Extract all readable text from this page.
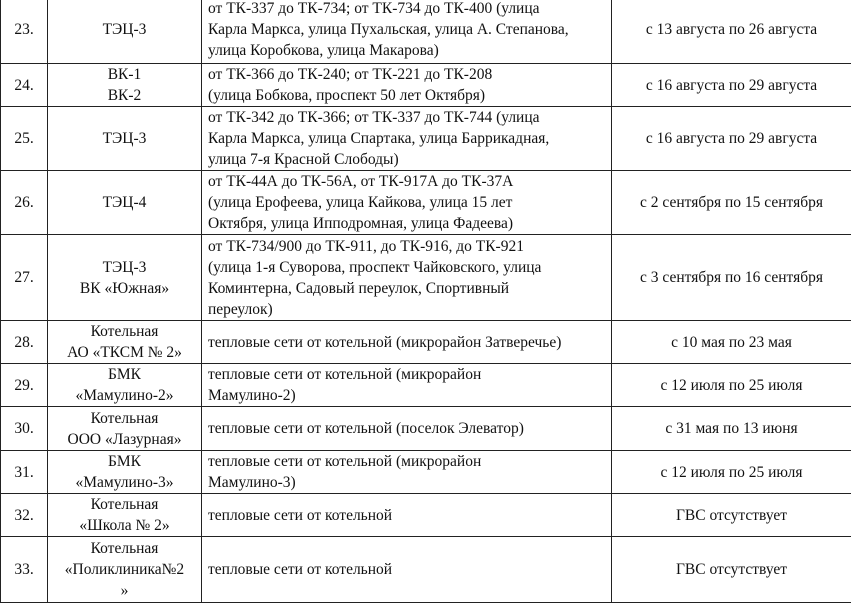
23.	ТЭЦ-3	от ТК-337 до ТК-734; от ТК-734 до ТК-400 (улица
Карла Маркса, улица Пухальская, улица А. Степанова,
улица Коробкова, улица Макарова)	с 13 августа по 26 августа
24.	ВК-1
ВК-2	от ТК-366 до ТК-240; от ТК-221 до ТК-208
(улица Бобкова, проспект 50 лет Октября)	с 16 августа по 29 августа
25.	ТЭЦ-3	от ТК-342 до ТК-366; от ТК-337 до ТК-744 (улица
Карла Маркса, улица Спартака, улица Баррикадная,
улица 7-я Красной Слободы)	с 16 августа по 29 августа
26.	ТЭЦ-4	от ТК-44А до ТК-56А, от ТК-917А до ТК-37А
(улица Ерофеева, улица Кайкова, улица 15 лет
Октября, улица Ипподромная, улица Фадеева)	с 2 сентября по 15 сентября
27.	ТЭЦ-3
ВК «Южная»	от ТК-734/900 до ТК-911, до ТК-916, до ТК-921
(улица 1-я Суворова, проспект Чайковского, улица
Коминтерна, Садовый переулок, Спортивный
переулок)	с 3 сентября по 16 сентября
28.	Котельная
АО «ТКСМ № 2»	тепловые сети от котельной (микрорайон Затверечье)	с 10 мая по 23 мая
29.	БМК
«Мамулино-2»	тепловые сети от котельной (микрорайон
Мамулино-2)	с 12 июля по 25 июля
30.	Котельная
ООО «Лазурная»	тепловые сети от котельной (поселок Элеватор)	с 31 мая по 13 июня
31.	БМК
«Мамулино-3»	тепловые сети от котельной (микрорайон
Мамулино-3)	с 12 июля по 25 июля
32.	Котельная
«Школа № 2»	тепловые сети от котельной	ГВС отсутствует
33.	Котельная
«Поликлиника№2
»	тепловые сети от котельной	ГВС отсутствует
